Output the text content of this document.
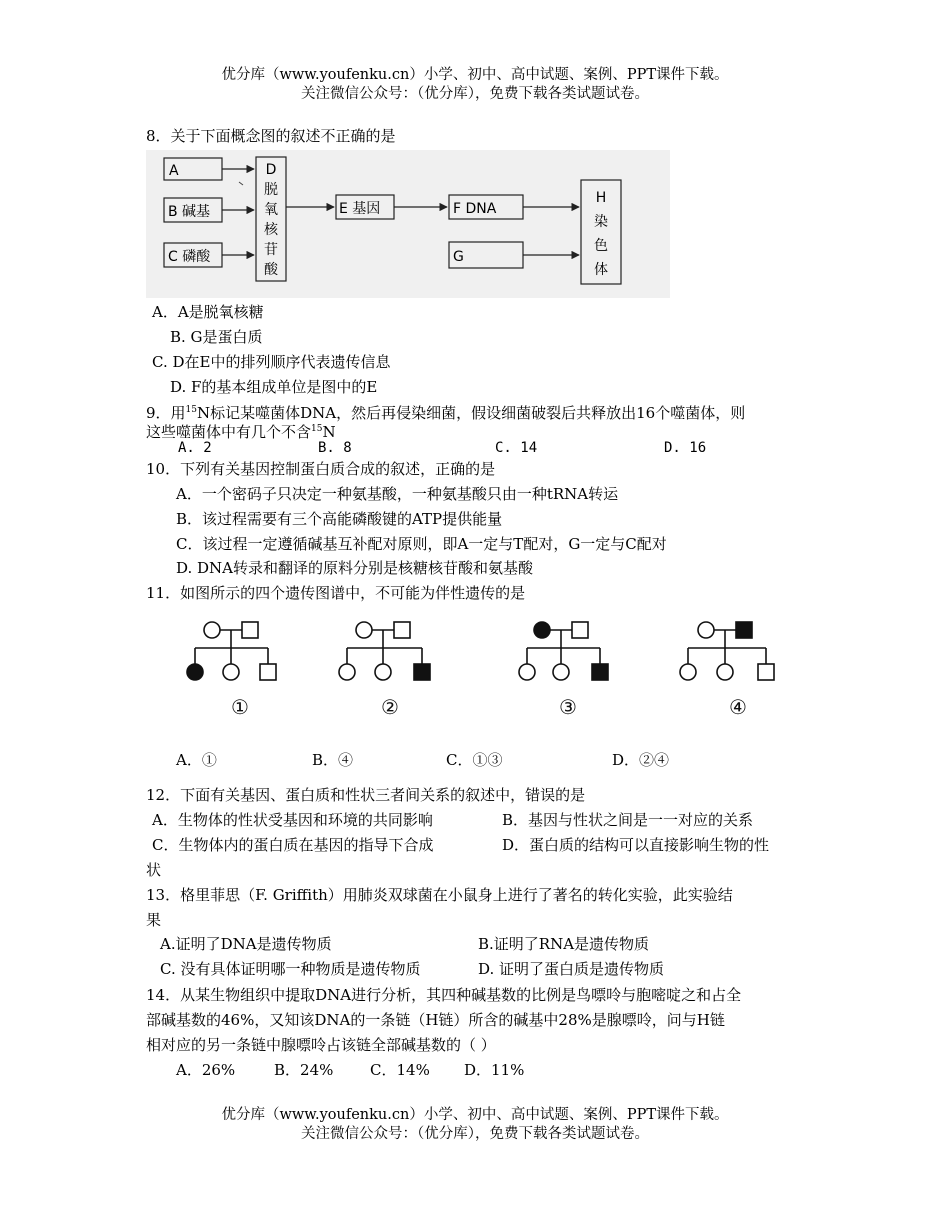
优分库（www.youfenku.cn）小学、初中、高中试题、案例、PPT课件下载。
关注微信公众号：（优分库），免费下载各类试题试卷。
8．关于下面概念图的叙述不正确的是
A
B 碱基
C 磷酸
D
脱
氧
核
苷
酸
E 基因	F DNA
G
H
染
色
体
A．A是脱氧核糖
B. G是蛋白质
C. D在E中的排列顺序代表遗传信息
D. F的基本组成单位是图中的E
9．用$^{15}$N标记某噬菌体DNA，然后再侵染细菌，假设细菌破裂后共释放出16个噬菌体，则
这些噬菌体中有几个不含$^{15}$N
A. 2	B. 8	C. 14	D. 16
10．下列有关基因控制蛋白质合成的叙述，正确的是
A．一个密码子只决定一种氨基酸，一种氨基酸只由一种tRNA转运
B．该过程需要有三个高能磷酸键的ATP提供能量
C．该过程一定遵循碱基互补配对原则，即A一定与T配对，G一定与C配对
D. DNA转录和翻译的原料分别是核糖核苷酸和氨基酸
11．如图所示的四个遗传图谱中，不可能为伴性遗传的是
①	②	③	④
A．①	B．④	C．①③	D．②④
12．下面有关基因、蛋白质和性状三者间关系的叙述中，错误的是
A．生物体的性状受基因和环境的共同影响	B．基因与性状之间是一一对应的关系
C．生物体内的蛋白质在基因的指导下合成	D．蛋白质的结构可以直接影响生物的性
状
13．格里菲思（F. Griffith）用肺炎双球菌在小鼠身上进行了著名的转化实验，此实验结
果
A.证明了DNA是遗传物质	B.证明了RNA是遗传物质
C. 没有具体证明哪一种物质是遗传物质	D. 证明了蛋白质是遗传物质
14．从某生物组织中提取DNA进行分析，其四种碱基数的比例是鸟嘌呤与胞嘧啶之和占全
部碱基数的46%，又知该DNA的一条链（H链）所含的碱基中28%是腺嘌呤，问与H链
相对应的另一条链中腺嘌呤占该链全部碱基数的（ ）
A．26%	B．24% C．14% D．11%
优分库（www.youfenku.cn）小学、初中、高中试题、案例、PPT课件下载。
关注微信公众号：（优分库），免费下载各类试题试卷。
